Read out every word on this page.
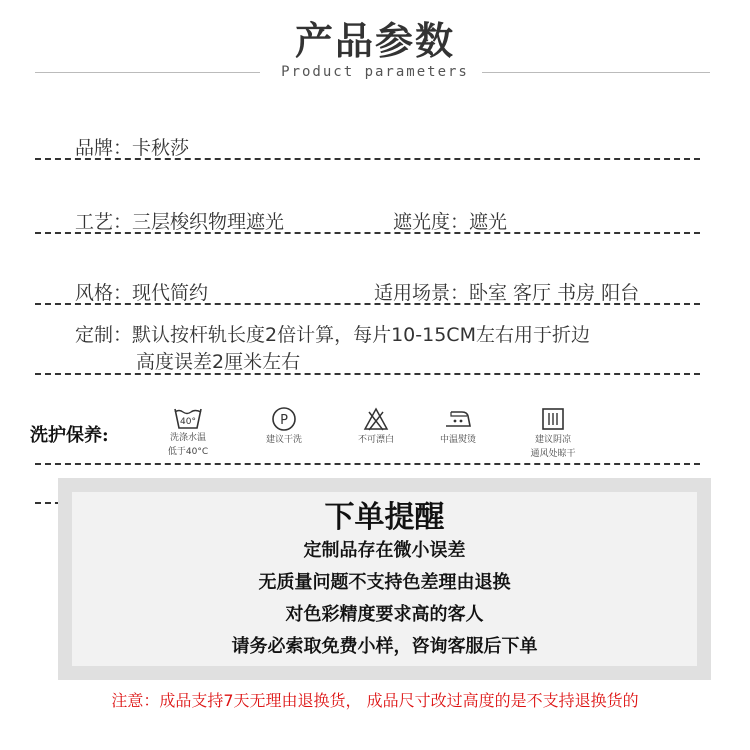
产品参数
Product parameters
品牌：卡秋莎
工艺：三层梭织物理遮光	遮光度：遮光
风格：现代简约	适用场景：卧室 客厅 书房 阳台
定制：默认按杆轨长度2倍计算，每片10-15CM左右用于折边
高度误差2厘米左右
洗护保养:
40°
洗涤水温
低于40°C
P
建议干洗	不可漂白	中温熨烫	建议阴凉
通风处晾干
下单提醒
定制品存在微小误差
无质量问题不支持色差理由退换
对色彩精度要求高的客人
请务必索取免费小样，咨询客服后下单
注意：成品支持7天无理由退换货， 成品尺寸改过高度的是不支持退换货的
